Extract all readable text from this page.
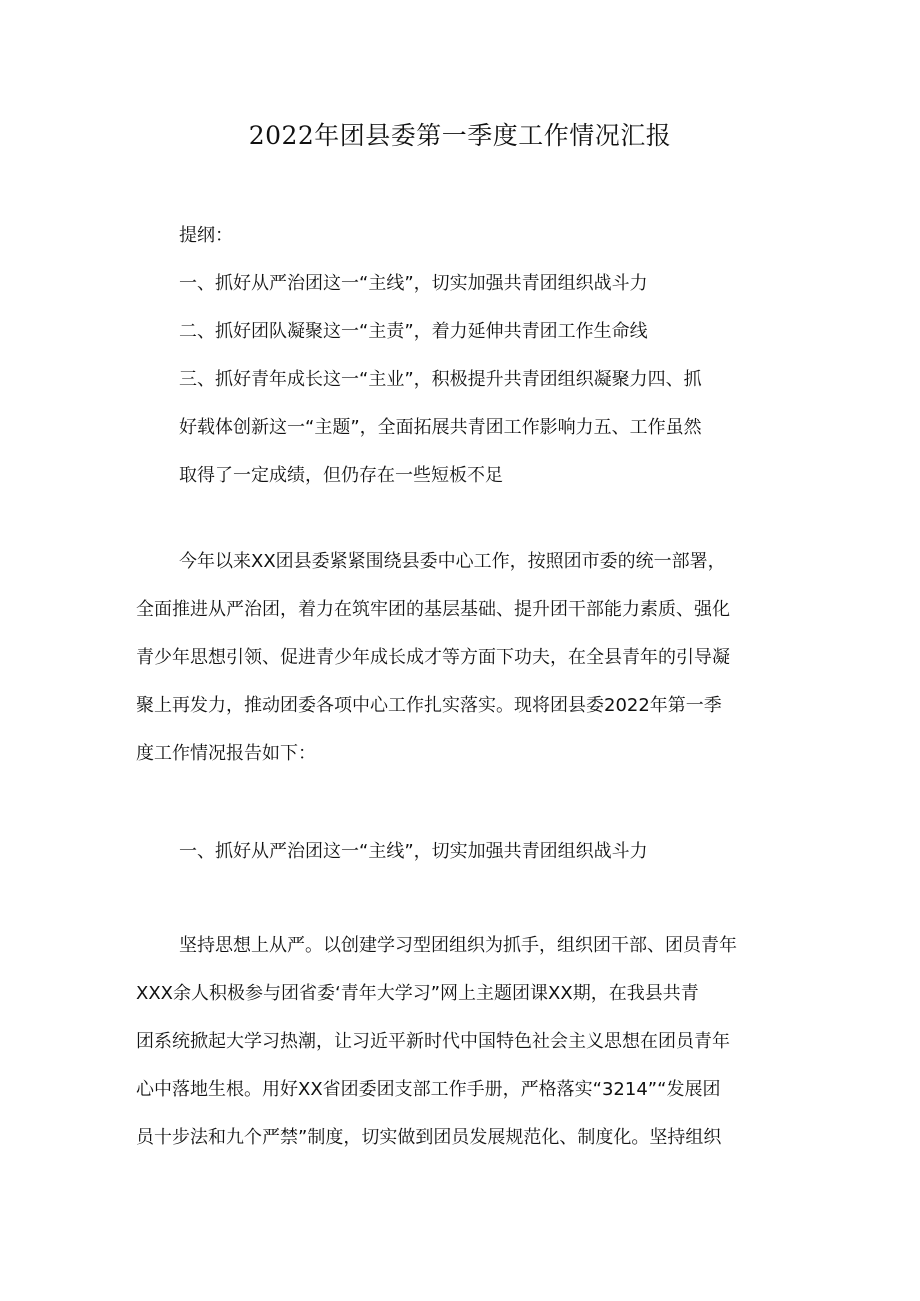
2022年团县委第一季度工作情况汇报
提纲：
一、抓好从严治团这一“主线”，切实加强共青团组织战斗力
二、抓好团队凝聚这一“主责”，着力延伸共青团工作生命线
三、抓好青年成长这一“主业”，积极提升共青团组织凝聚力四、抓
好载体创新这一“主题”，全面拓展共青团工作影响力五、工作虽然
取得了一定成绩，但仍存在一些短板不足
今年以来XX团县委紧紧围绕县委中心工作，按照团市委的统一部署，
全面推进从严治团，着力在筑牢团的基层基础、提升团干部能力素质、强化
青少年思想引领、促进青少年成长成才等方面下功夫，在全县青年的引导凝
聚上再发力，推动团委各项中心工作扎实落实。现将团县委2022年第一季
度工作情况报告如下：
一、抓好从严治团这一“主线”，切实加强共青团组织战斗力
坚持思想上从严。以创建学习型团组织为抓手，组织团干部、团员青年
XXX余人积极参与团省委‘青年大学习”网上主题团课XX期，在我县共青
团系统掀起大学习热潮，让习近平新时代中国特色社会主义思想在团员青年
心中落地生根。用好XX省团委团支部工作手册，严格落实“3214”“发展团
员十步法和九个严禁”制度，切实做到团员发展规范化、制度化。坚持组织
